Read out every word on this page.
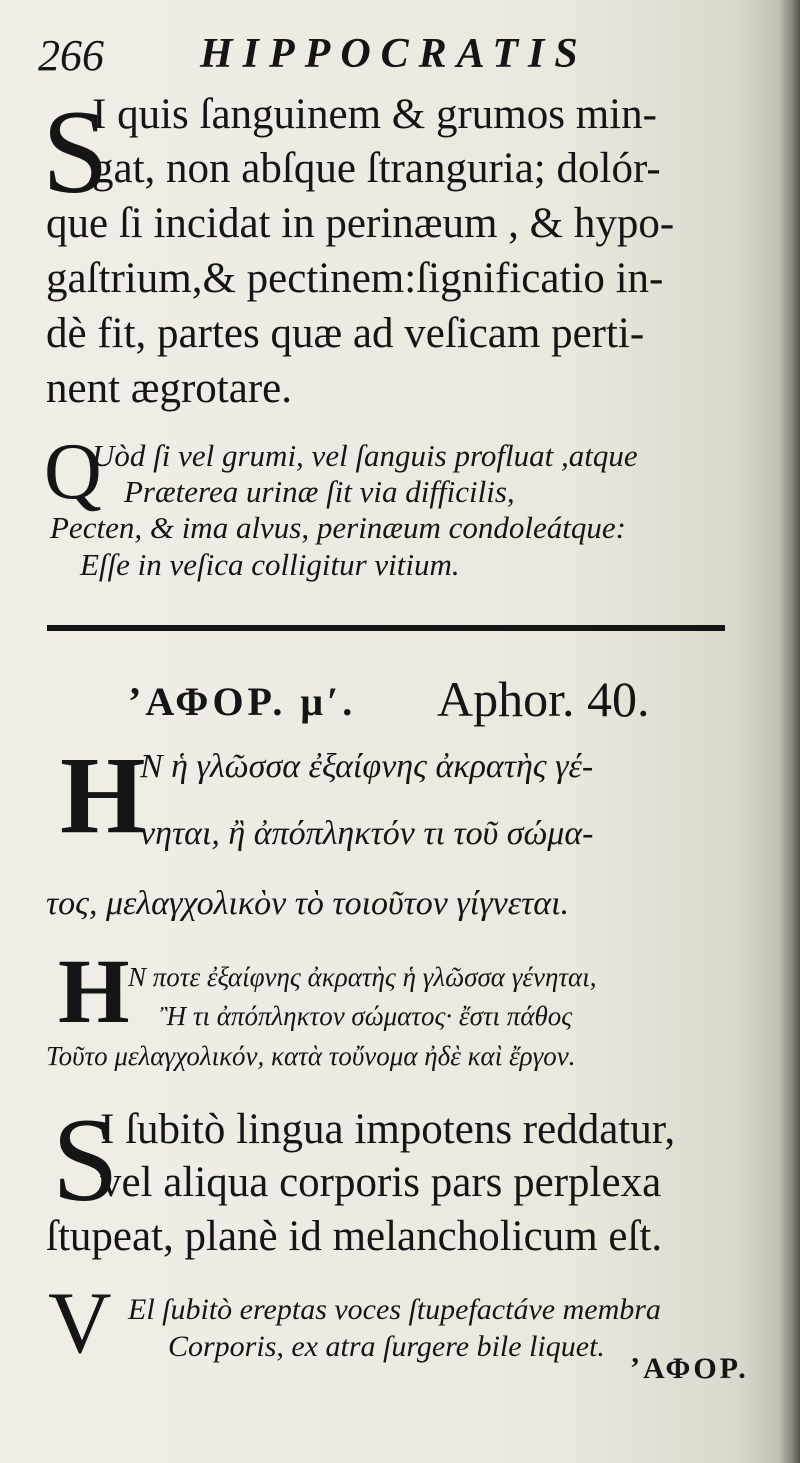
266 HIPPOCRATIS
S
I quis ſanguinem & grumos min-
gat, non abſque ſtranguria; dolór-
que ſi incidat in perinæum , & hypo-
gaſtrium,& pectinem:ſignificatio in-
dè fit, partes quæ ad veſicam perti-
nent ægrotare.
Q
Uòd ſi vel grumi, vel ſanguis profluat ,atque
Prӕterea urinӕ ſit via difficilis,
Pecten, & ima alvus, perinӕum condoleátque:
Eſſe in veſica colligitur vitium.
ʼΑΦΟΡ. μʹ. Aphor. 40.
H
Ν ἡ γλῶσσα ἐξαίφνης ἀκρατὴς γέ-
νηται, ἢ ἀπόπληκτόν τι τοῦ σώμα-
τος, μελαγχολικὸν τὸ τοιοῦτον γίγνεται.
H
Ν ποτε ἐξαίφνης ἀκρατὴς ἡ γλῶσσα γένηται,
Ἢ τι ἀπόπληκτον σώματος· ἔστι πάθος
Τοῦτο μελαγχολικόν, κατὰ τοὔνομα ἠδὲ καὶ ἔργον.
S
I ſubitò lingua impotens reddatur,
vel aliqua corporis pars perplexa
ſtupeat, planè id melancholicum eſt.
V El ſubitò ereptas voces ſtupefactáve membra
Corporis, ex atra ſurgere bile liquet.
ʼΑΦΟΡ.
